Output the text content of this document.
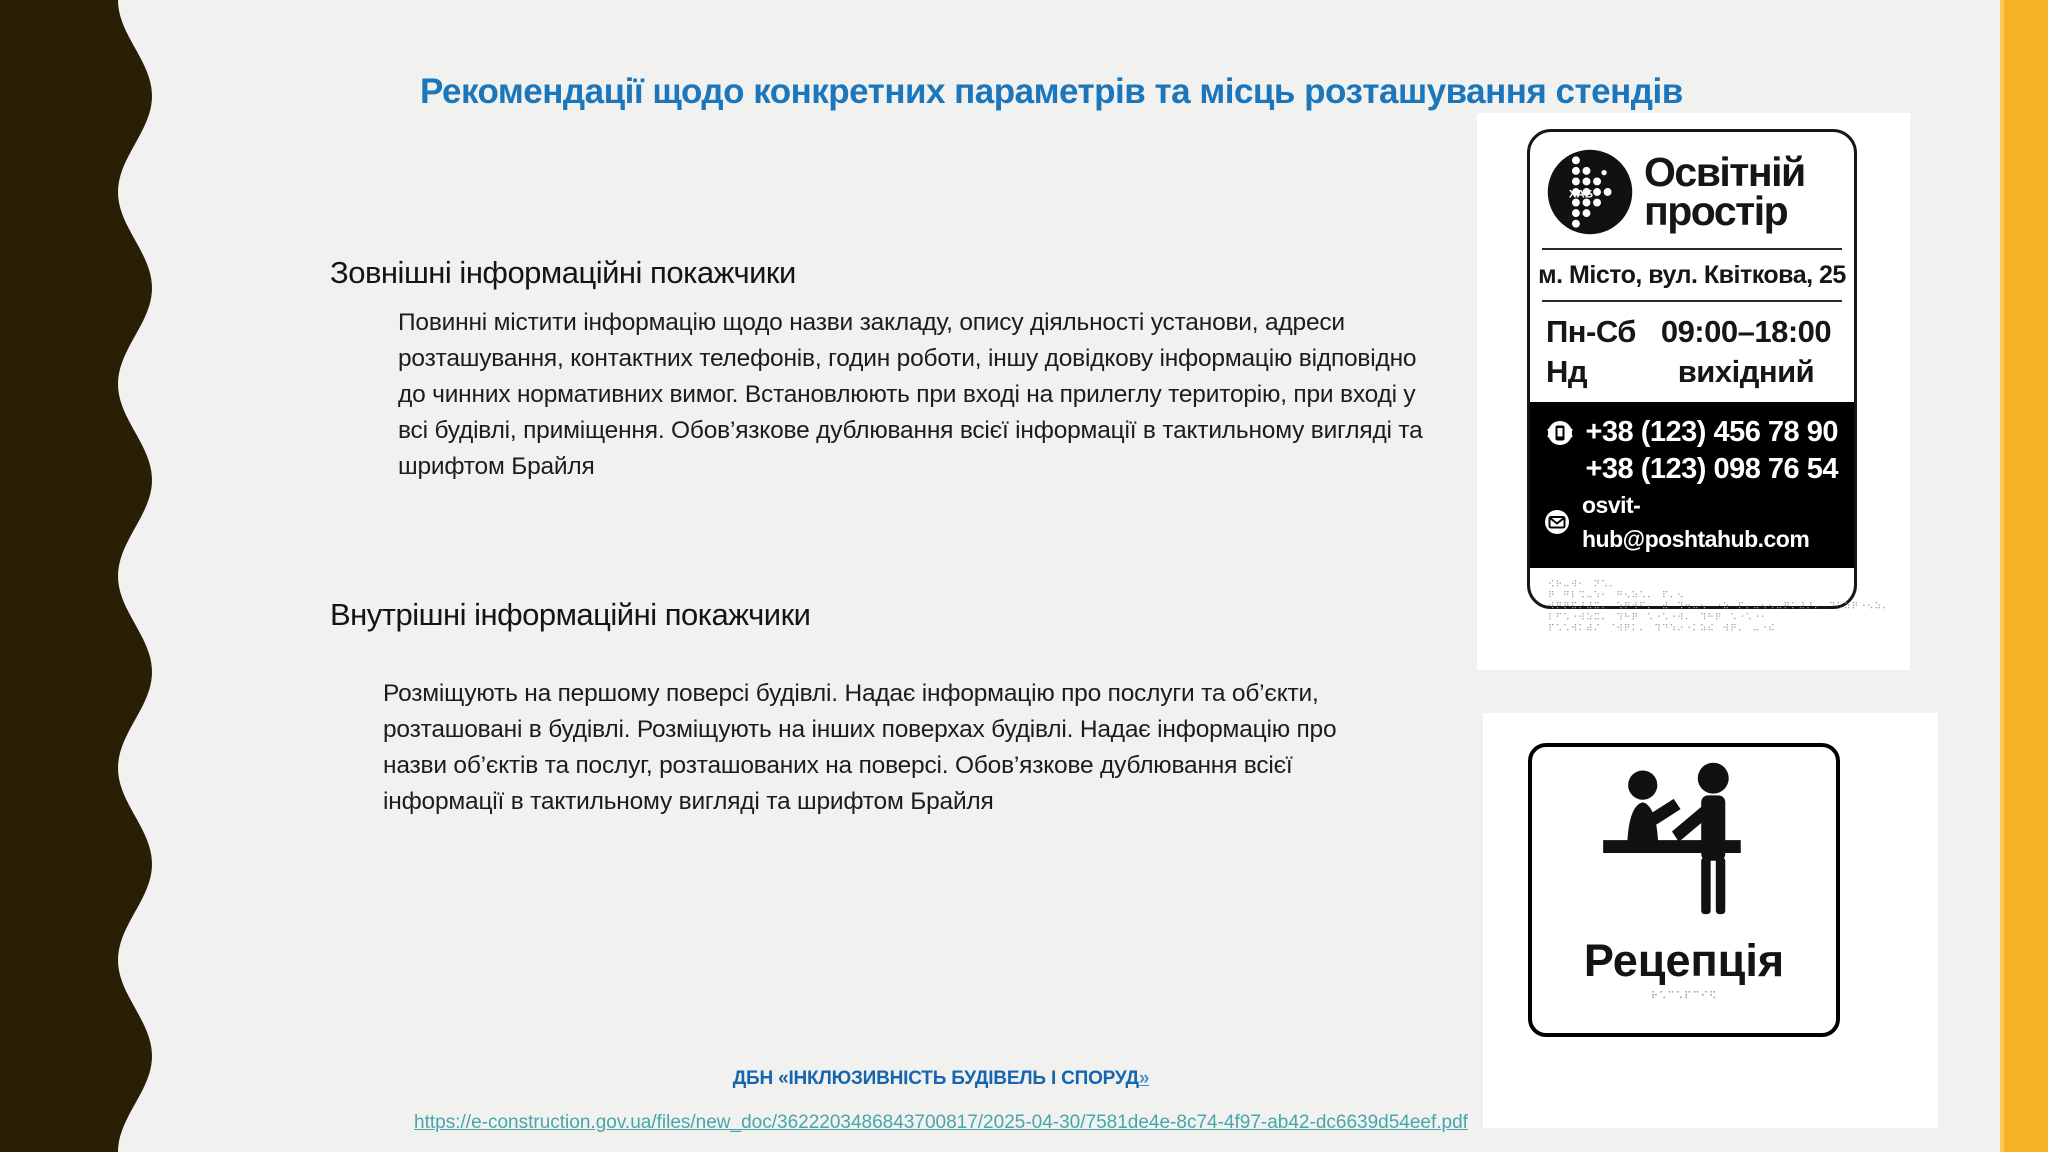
Рекомендації щодо конкретних параметрів та місць розташування стендів
Зовнішні інформаційні покажчики
Повинні містити інформацію щодо назви закладу, опису діяльності установи, адреси розташування, контактних телефонів, годин роботи, іншу довідкову інформацію відповідно до чинних нормативних вимог. Встановлюють при вході на прилеглу територію, при вході у всі будівлі, приміщення. Обов’язкове дублювання всієї інформації в тактильному вигляді та шрифтом Брайля
Внутрішні інформаційні покажчики
Розміщують на першому поверсі будівлі. Надає інформацію про послуги та об’єкти, розташовані в будівлі. Розміщують на інших поверхах будівлі. Надає інформацію про назви об’єктів та послуг, розташованих на поверсі. Обов’язкове дублювання всієї інформації в тактильному вигляді та шрифтом Брайля
ХАБ Освітній
простір
м. Місто, вул. Квіткова, 25
Пн-Сб 09:00–18:00
Нд	вихідний
+38 (123) 456 78 90
+38 (123) 098 76 54
osvit-hub@poshtahub.com
⠪⠗⠤⠺⠂⠀⠝⠡⠄
⠟⠀⠛⠇⠩⠤⠱⠂⠀⠛⠢⠵⠡⠄⠀⠏⠄⠢
⠺⠟⠟⠯⠜⠼⠭⠄⠀⠱⠟⠺⠋⠄⠀⠾⠀⠹⠲⠤⠢⠀⠐⠵⠀⠏⠄⠤⠢⠢⠤⠟⠅⠼⠜⠄⠀⠙⠡⠵⠟⠐⠢⠵⠄
⠇⠋⠡⠐⠺⠵⠭⠄⠀⠹⠓⠟⠀⠡⠐⠡⠐⠺⠄⠀⠹⠓⠟⠀⠡⠐⠡⠐⠂
⠏⠡⠡⠺⠅⠾⠌⠀⠈⠺⠟⠅⠄⠀⠹⠙⠱⠔⠐⠅⠵⠮⠀⠺⠟⠄⠀⠤⠐⠮
Рецепція
⠗⠡⠉⠡⠏⠉⠊⠫
ДБН «ІНКЛЮЗИВНІСТЬ БУДІВЕЛЬ І СПОРУД»
https://e-construction.gov.ua/files/new_doc/3622203486843700817/2025-04-30/7581de4e-8c74-4f97-ab42-dc6639d54eef.pdf
